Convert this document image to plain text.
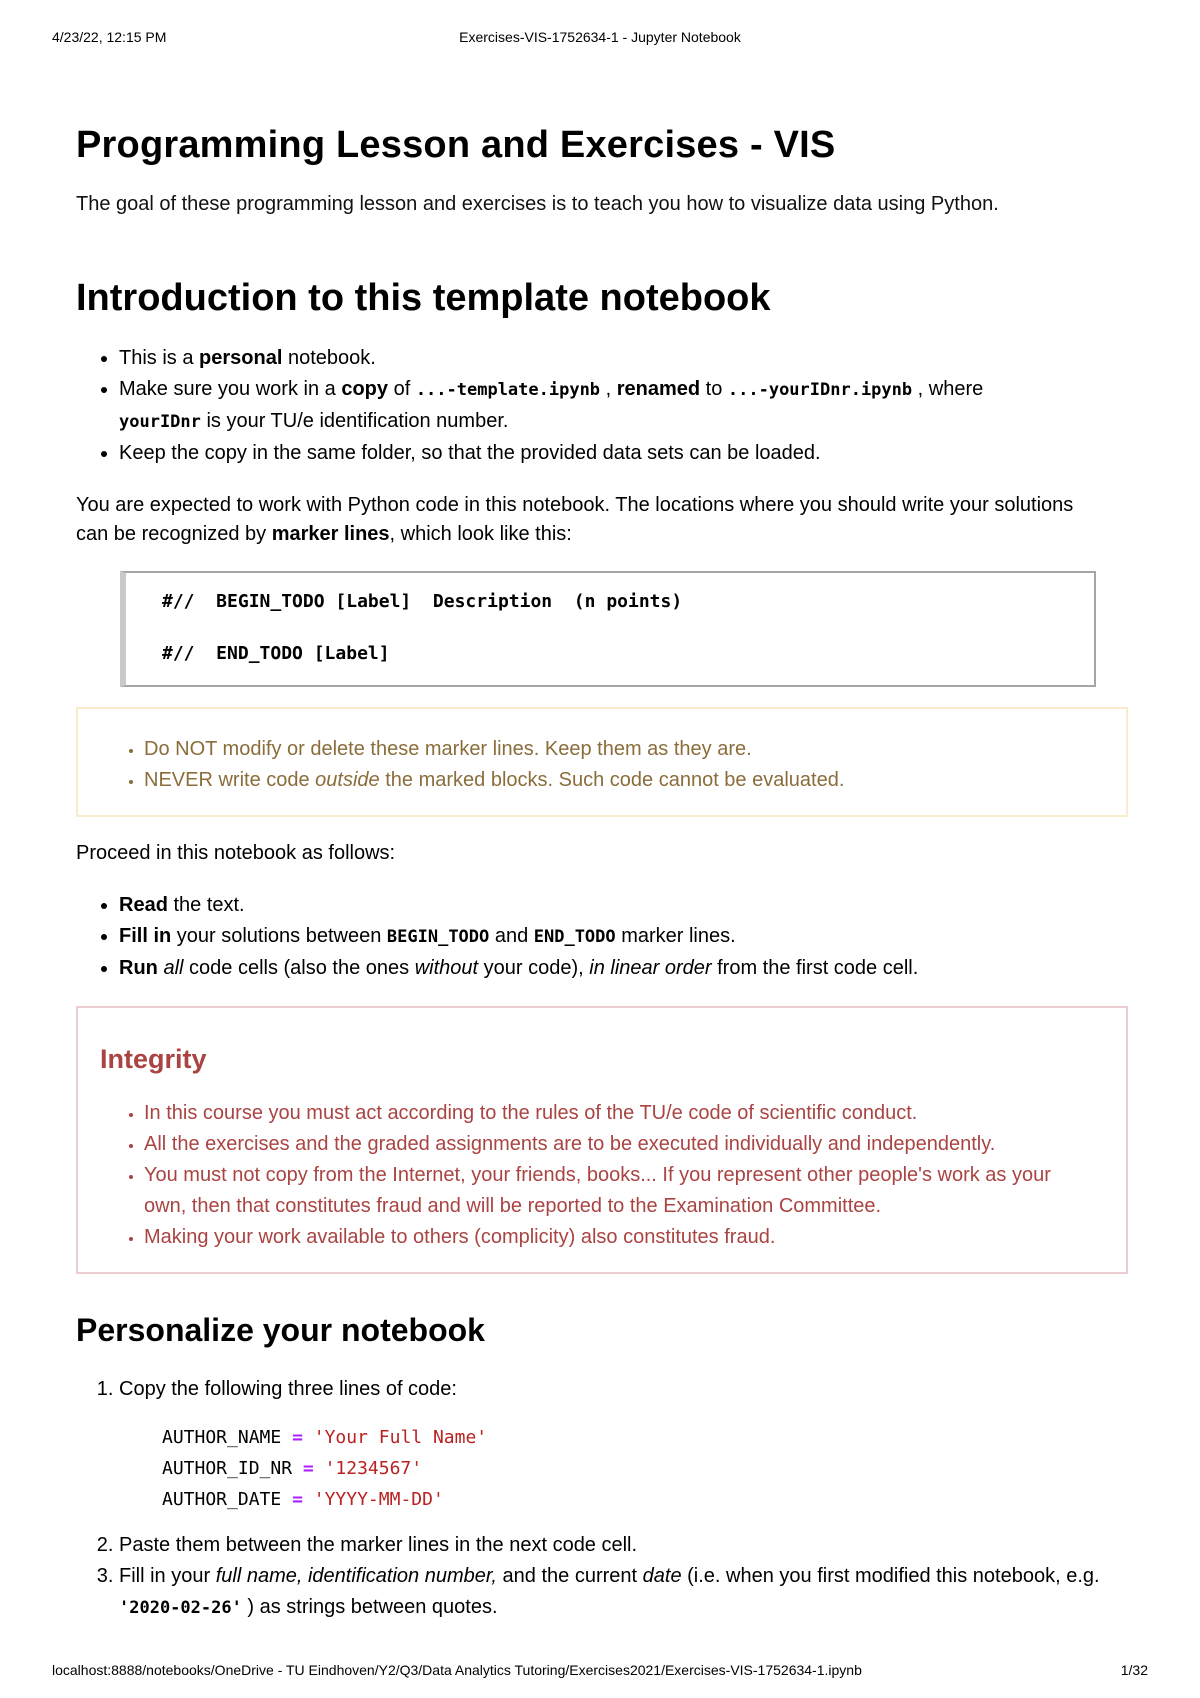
4/23/22, 12:15 PM	Exercises-VIS-1752634-1 - Jupyter Notebook
Programming Lesson and Exercises - VIS

The goal of these programming lesson and exercises is to teach you how to visualize data using Python.

Introduction to this template notebook
• This is a personal notebook.
• Make sure you work in a copy of ...-template.ipynb , renamed to ...-yourIDnr.ipynb , where
yourIDnr is your TU/e identification number.
• Keep the copy in the same folder, so that the provided data sets can be loaded.

You are expected to work with Python code in this notebook. The locations where you should write your solutions can be recognized by marker lines, which look like this:

#//  BEGIN_TODO [Label]  Description  (n points)
#//  END_TODO [Label]
• Do NOT modify or delete these marker lines. Keep them as they are.
• NEVER write code outside the marked blocks. Such code cannot be evaluated.

Proceed in this notebook as follows:

• Read the text.
• Fill in your solutions between BEGIN_TODO and END_TODO marker lines.
• Run all code cells (also the ones without your code), in linear order from the first code cell.
Integrity
• In this course you must act according to the rules of the TU/e code of scientific conduct.
• All the exercises and the graded assignments are to be executed individually and independently.
• You must not copy from the Internet, your friends, books... If you represent other people's work as your own, then that constitutes fraud and will be reported to the Examination Committee.
• Making your work available to others (complicity) also constitutes fraud.
Personalize your notebook
1. Copy the following three lines of code:
AUTHOR_NAME = 'Your Full Name'
AUTHOR_ID_NR = '1234567'
AUTHOR_DATE = 'YYYY-MM-DD'
2. Paste them between the marker lines in the next code cell.
3. Fill in your full name, identification number, and the current date (i.e. when you first modified this notebook, e.g. '2020-02-26' ) as strings between quotes.
localhost:8888/notebooks/OneDrive - TU Eindhoven/Y2/Q3/Data Analytics Tutoring/Exercises2021/Exercises-VIS-1752634-1.ipynb	1/32
